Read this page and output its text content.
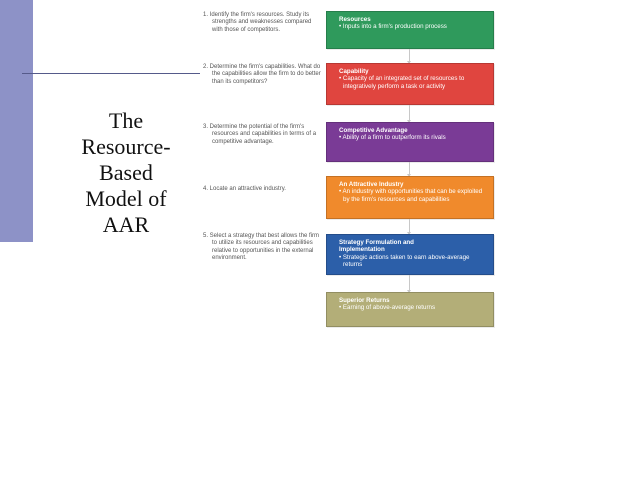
The
Resource-
Based
Model of
AAR
1. Identify the firm's resources. Study its strengths and weaknesses compared with those of competitors.
2. Determine the firm's capabilities. What do the capabilities allow the firm to do better than its competitors?
3. Determine the potential of the firm's resources and capabilities in terms of a competitive advantage.
4. Locate an attractive industry.
5. Select a strategy that best allows the firm to utilize its resources and capabilities relative to opportunities in the external environment.
Resources
• Inputs into a firm's production process
Capability
• Capacity of an integrated set of resources to integratively perform a task or activity
Competitive Advantage
• Ability of a firm to outperform its rivals
An Attractive Industry
• An industry with opportunities that can be exploited by the firm's resources and capabilities
Strategy Formulation and
Implementation
• Strategic actions taken to earn above-average returns
Superior Returns
• Earning of above-average returns
